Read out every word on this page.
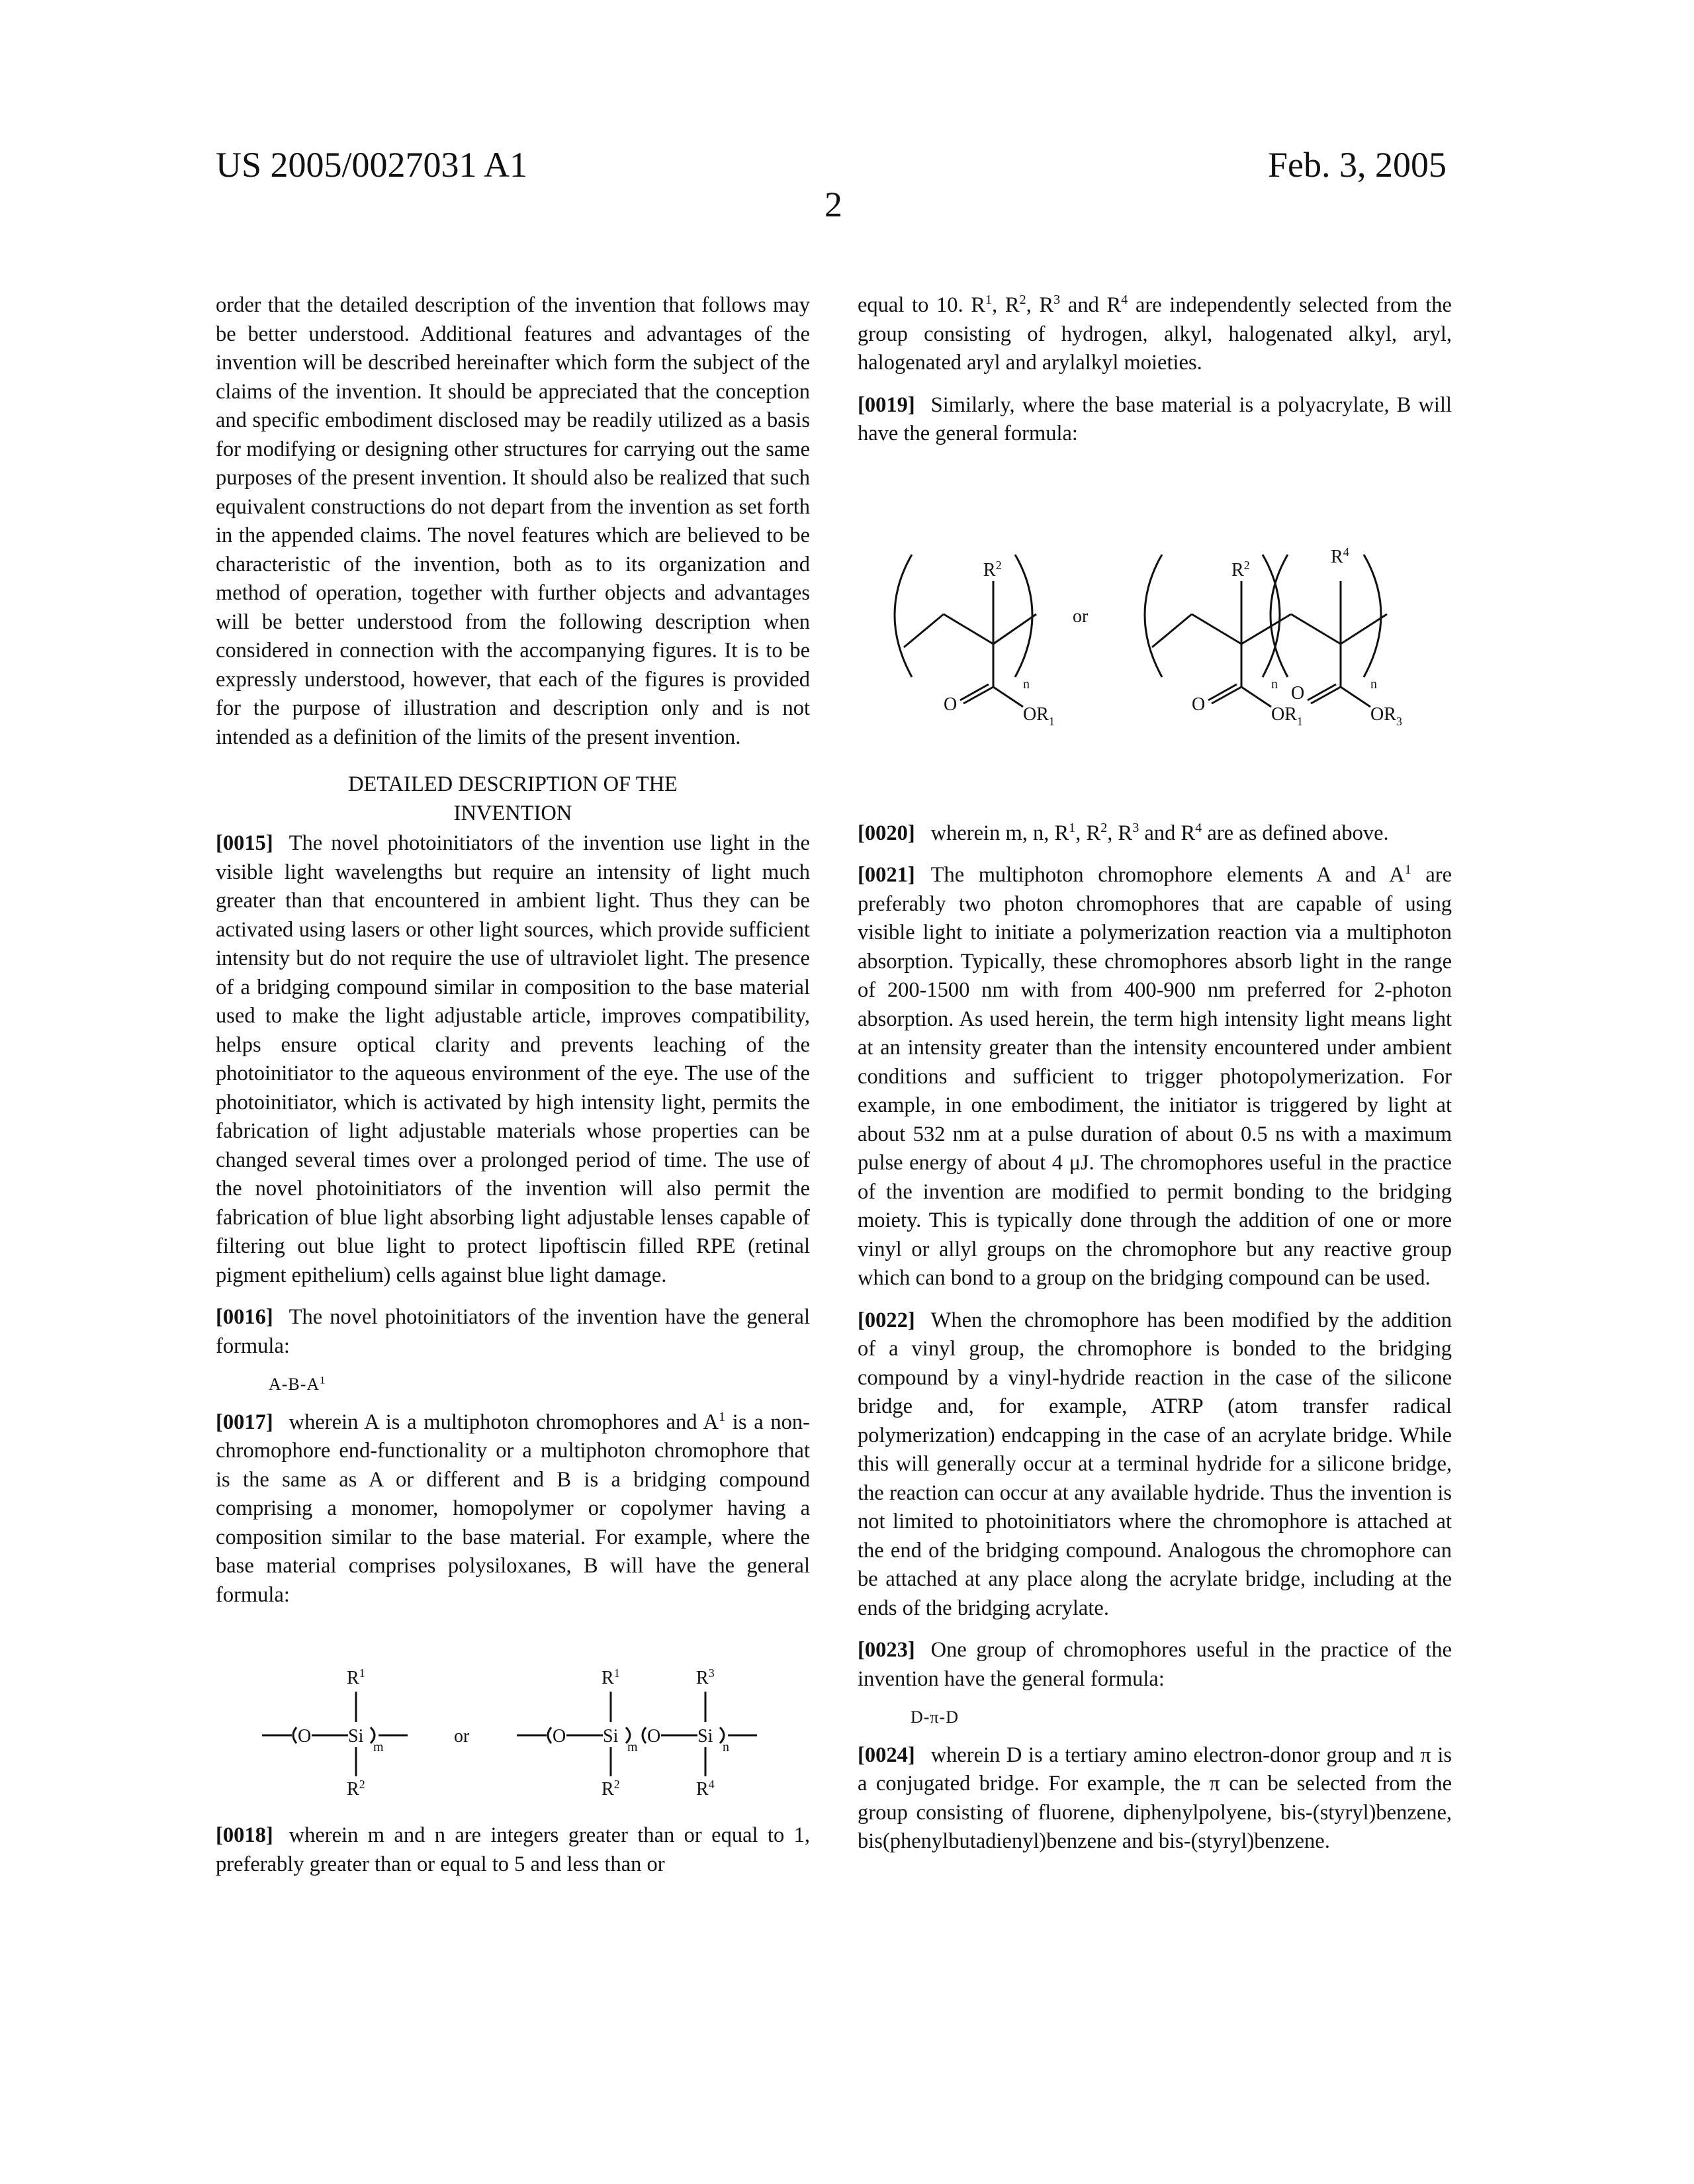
US 2005/0027031 A1	Feb. 3, 2005
2

order that the detailed description of the invention that follows may be better understood. Additional features and advantages of the invention will be described hereinafter which form the subject of the claims of the invention. It should be appreciated that the conception and specific embodiment disclosed may be readily utilized as a basis for modifying or designing other structures for carrying out the same purposes of the present invention. It should also be realized that such equivalent constructions do not depart from the invention as set forth in the appended claims. The novel features which are believed to be characteristic of the invention, both as to its organization and method of operation, together with further objects and advantages will be better understood from the following description when considered in connection with the accompanying figures. It is to be expressly understood, however, that each of the figures is provided for the purpose of illustration and description only and is not intended as a definition of the limits of the present invention.

DETAILED DESCRIPTION OF THE
INVENTION

[0015] The novel photoinitiators of the invention use light in the visible light wavelengths but require an intensity of light much greater than that encountered in ambient light. Thus they can be activated using lasers or other light sources, which provide sufficient intensity but do not require the use of ultraviolet light. The presence of a bridging compound similar in composition to the base material used to make the light adjustable article, improves compatibility, helps ensure optical clarity and prevents leaching of the photoinitiator to the aqueous environment of the eye. The use of the photoinitiator, which is activated by high intensity light, permits the fabrication of light adjustable materials whose properties can be changed several times over a prolonged period of time. The use of the novel photoinitiators of the invention will also permit the fabrication of blue light absorbing light adjustable lenses capable of filtering out blue light to protect lipoftiscin filled RPE (retinal pigment epithelium) cells against blue light damage.

[0016] The novel photoinitiators of the invention have the general formula:

A-B-A1

[0017] wherein A is a multiphoton chromophores and A1 is a non-chromophore end-functionality or a multiphoton chromophore that is the same as A or different and B is a bridging compound comprising a monomer, homopolymer or copolymer having a composition similar to the base material. For example, where the base material comprises polysiloxanes, B will have the general formula:

R1
O Si
m
R2
or
R1
O Si
m
R2
O Si
R3
n
R4

[0018] wherein m and n are integers greater than or equal to 1, preferably greater than or equal to 5 and less than or

equal to 10. R1, R2, R3 and R4 are independently selected from the group consisting of hydrogen, alkyl, halogenated alkyl, aryl, halogenated aryl and arylalkyl moieties.

[0019] Similarly, where the base material is a polyacrylate, B will have the general formula:

R2
O
n
OR1
or
R2	R4
O
n
OR1
O	n
OR3

[0020] wherein m, n, R1, R2, R3 and R4 are as defined above.

[0021] The multiphoton chromophore elements A and A1 are preferably two photon chromophores that are capable of using visible light to initiate a polymerization reaction via a multiphoton absorption. Typically, these chromophores absorb light in the range of 200-1500 nm with from 400-900 nm preferred for 2-photon absorption. As used herein, the term high intensity light means light at an intensity greater than the intensity encountered under ambient conditions and sufficient to trigger photopolymerization. For example, in one embodiment, the initiator is triggered by light at about 532 nm at a pulse duration of about 0.5 ns with a maximum pulse energy of about 4 μJ. The chromophores useful in the practice of the invention are modified to permit bonding to the bridging moiety. This is typically done through the addition of one or more vinyl or allyl groups on the chromophore but any reactive group which can bond to a group on the bridging compound can be used.

[0022] When the chromophore has been modified by the addition of a vinyl group, the chromophore is bonded to the bridging compound by a vinyl-hydride reaction in the case of the silicone bridge and, for example, ATRP (atom transfer radical polymerization) endcapping in the case of an acrylate bridge. While this will generally occur at a terminal hydride for a silicone bridge, the reaction can occur at any available hydride. Thus the invention is not limited to photoinitiators where the chromophore is attached at the end of the bridging compound. Analogous the chromophore can be attached at any place along the acrylate bridge, including at the ends of the bridging acrylate.

[0023] One group of chromophores useful in the practice of the invention have the general formula:

D-π-D

[0024] wherein D is a tertiary amino electron-donor group and π is a conjugated bridge. For example, the π can be selected from the group consisting of fluorene, diphenylpolyene, bis-(styryl)benzene, bis(phenylbutadienyl)benzene and bis-(styryl)benzene.
